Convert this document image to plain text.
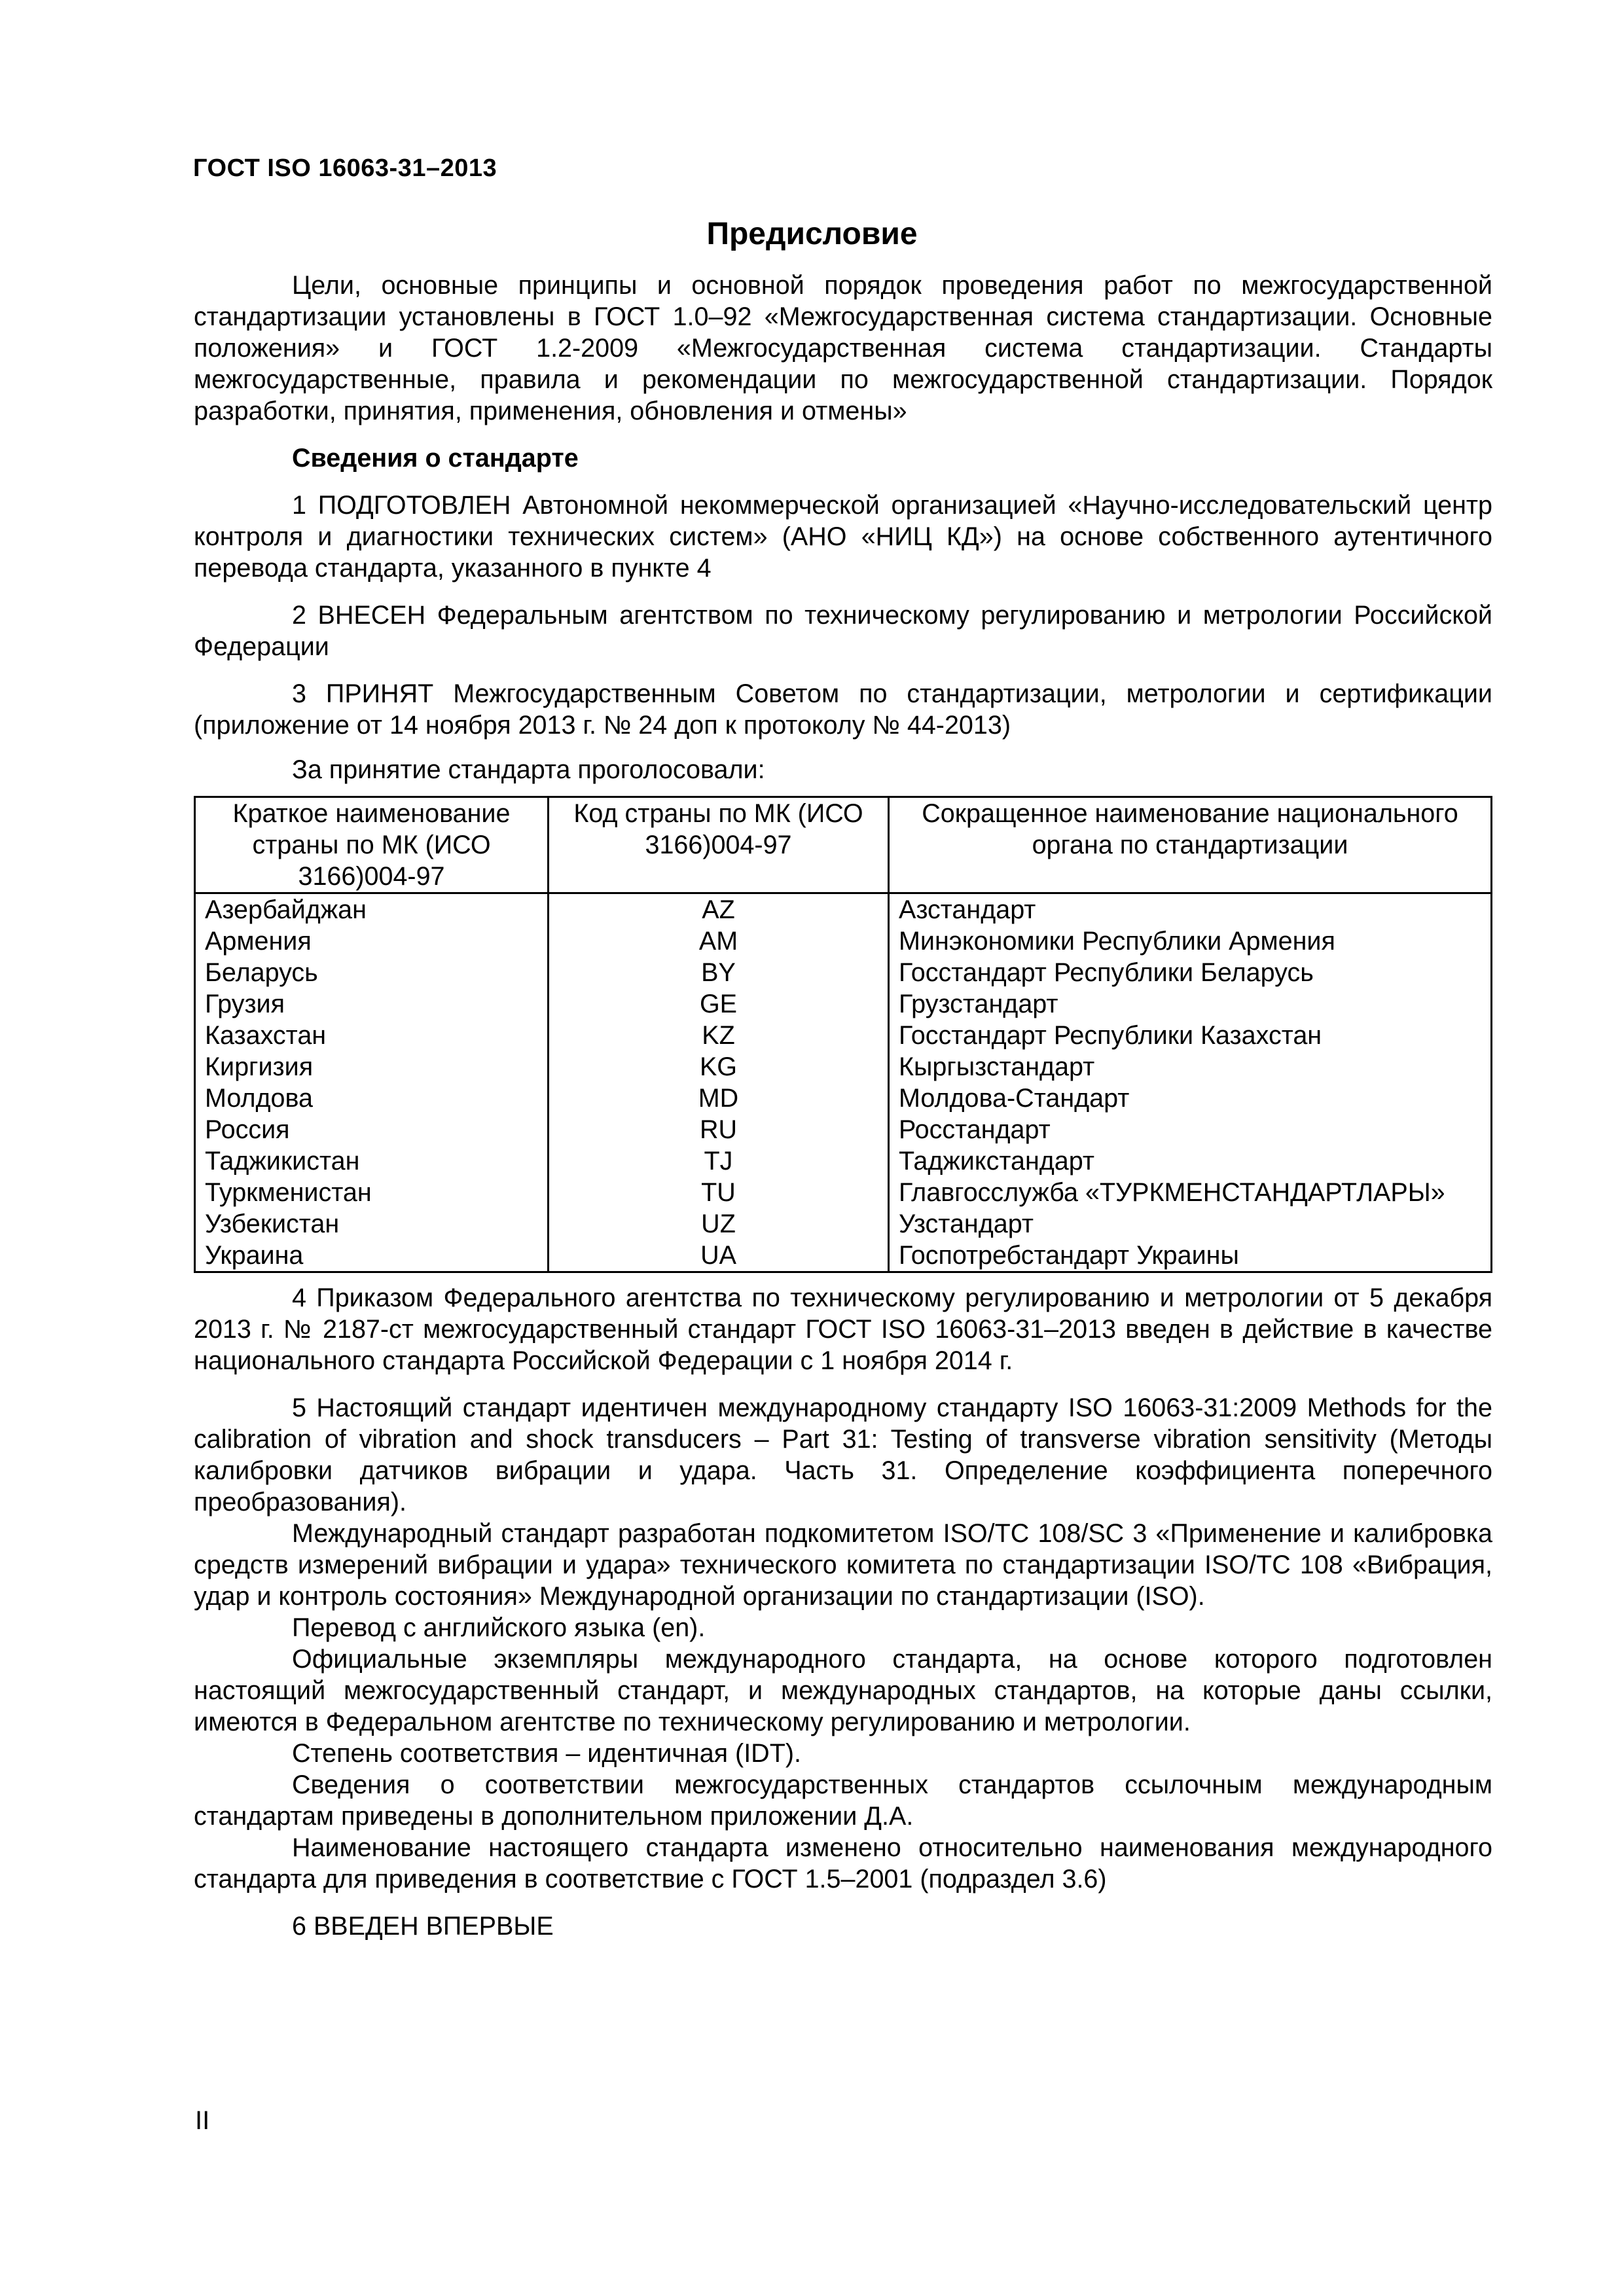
ГОСТ ISO 16063-31–2013
Предисловие

Цели, основные принципы и основной порядок проведения работ по межгосударственной стандартизации установлены в ГОСТ 1.0–92 «Межгосударственная система стандартизации. Основные положения» и ГОСТ 1.2-2009 «Межгосударственная система стандартизации. Стандарты межгосударственные, правила и рекомендации по межгосударственной стандартизации. Порядок разработки, принятия, применения, обновления и отмены»

Сведения о стандарте

1 ПОДГОТОВЛЕН Автономной некоммерческой организацией «Научно-исследовательский центр контроля и диагностики технических систем» (АНО «НИЦ КД») на основе собственного аутентичного перевода стандарта, указанного в пункте 4

2 ВНЕСЕН Федеральным агентством по техническому регулированию и метрологии Российской Федерации

3 ПРИНЯТ Межгосударственным Советом по стандартизации, метрологии и сертификации (приложение от 14 ноября 2013 г. № 24 доп к протоколу № 44-2013)

За принятие стандарта проголосовали:

Краткое наименование страны по МК (ИСО 3166)004-97	Код страны по МК (ИСО 3166)004-97	Сокращенное наименование национального органа по стандартизации
Азербайджан	AZ	Азстандарт
Армения	AM	Минэкономики Республики Армения
Беларусь	BY	Госстандарт Республики Беларусь
Грузия	GE	Грузстандарт
Казахстан	KZ	Госстандарт Республики Казахстан
Киргизия	KG	Кыргызстандарт
Молдова	MD	Молдова-Стандарт
Россия	RU	Росстандарт
Таджикистан	TJ	Таджикстандарт
Туркменистан	TU	Главгосслужба «ТУРКМЕНСТАНДАРТЛАРЫ»
Узбекистан	UZ	Узстандарт
Украина	UA	Госпотребстандарт Украины

4 Приказом Федерального агентства по техническому регулированию и метрологии от 5 декабря 2013 г. № 2187-ст межгосударственный стандарт ГОСТ ISO 16063-31–2013 введен в действие в качестве национального стандарта Российской Федерации с 1 ноября 2014 г.

5 Настоящий стандарт идентичен международному стандарту ISO 16063-31:2009 Methods for the calibration of vibration and shock transducers – Part 31: Testing of transverse vibration sensitivity (Методы калибровки датчиков вибрации и удара. Часть 31. Определение коэффициента поперечного преобразования).

Международный стандарт разработан подкомитетом ISO/TC 108/SC 3 «Применение и калибровка средств измерений вибрации и удара» технического комитета по стандартизации ISO/TC 108 «Вибрация, удар и контроль состояния» Международной организации по стандартизации (ISO).

Перевод с английского языка (en).

Официальные экземпляры международного стандарта, на основе которого подготовлен настоящий межгосударственный стандарт, и международных стандартов, на которые даны ссылки, имеются в Федеральном агентстве по техническому регулированию и метрологии.

Степень соответствия – идентичная (IDT).

Сведения о соответствии межгосударственных стандартов ссылочным международным стандартам приведены в дополнительном приложении Д.А.

Наименование настоящего стандарта изменено относительно наименования международного стандарта для приведения в соответствие с ГОСТ 1.5–2001 (подраздел 3.6)

6 ВВЕДЕН ВПЕРВЫЕ

II
